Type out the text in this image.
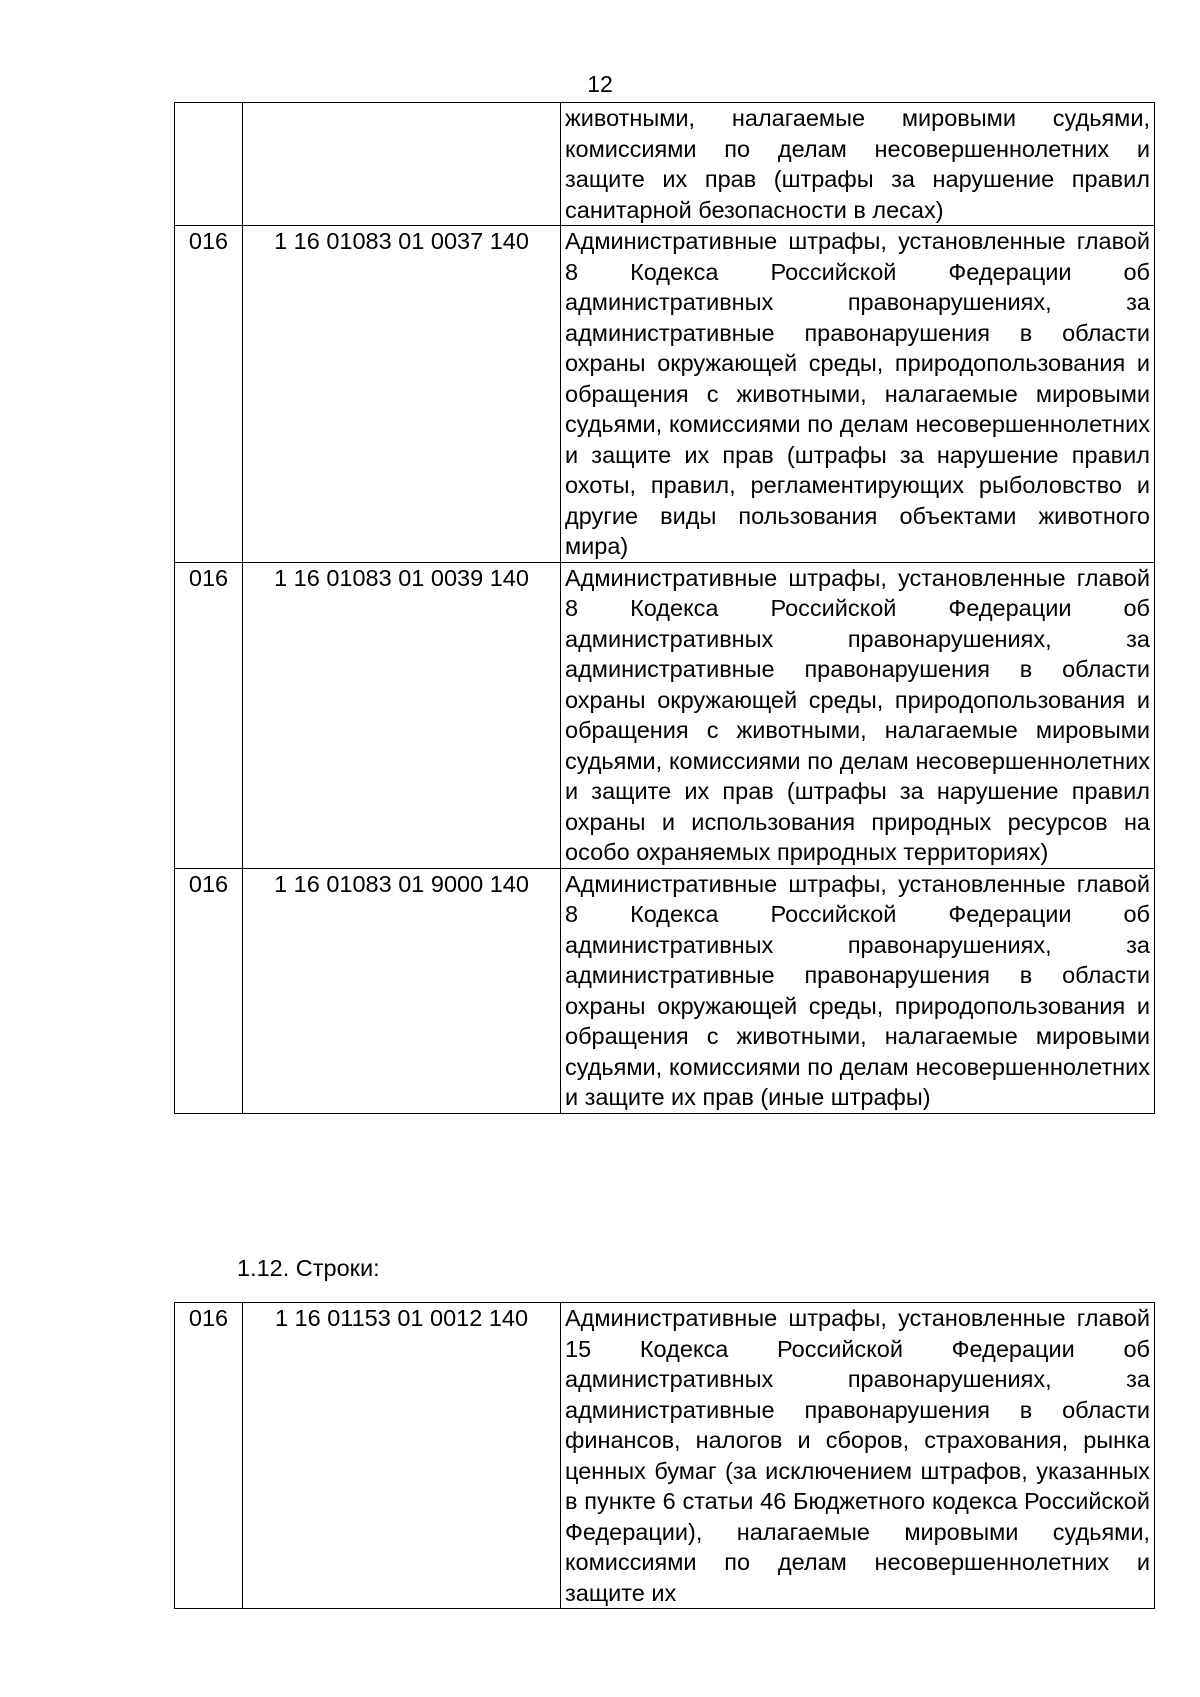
12
		животными, налагаемые мировыми судьями, комиссиями по делам несовершеннолетних и защите их прав (штрафы за нарушение правил санитарной безопасности в лесах)
016	1 16 01083 01 0037 140	Административные штрафы, установленные главой 8 Кодекса Российской Федерации об административных правонарушениях, за административные правонарушения в области охраны окружающей среды, природопользования и обращения с животными, налагаемые мировыми судьями, комиссиями по делам несовершеннолетних и защите их прав (штрафы за нарушение правил охоты, правил, регламентирующих рыболовство и другие виды пользования объектами животного мира)
016	1 16 01083 01 0039 140	Административные штрафы, установленные главой 8 Кодекса Российской Федерации об административных правонарушениях, за административные правонарушения в области охраны окружающей среды, природопользования и обращения с животными, налагаемые мировыми судьями, комиссиями по делам несовершеннолетних и защите их прав (штрафы за нарушение правил охраны и использования природных ресурсов на особо охраняемых природных территориях)
016	1 16 01083 01 9000 140	Административные штрафы, установленные главой 8 Кодекса Российской Федерации об административных правонарушениях, за административные правонарушения в области охраны окружающей среды, природопользования и обращения с животными, налагаемые мировыми судьями, комиссиями по делам несовершеннолетних и защите их прав (иные штрафы)
1.12. Строки:
016	1 16 01153 01 0012 140	Административные штрафы, установленные главой 15 Кодекса Российской Федерации об административных правонарушениях, за административные правонарушения в области финансов, налогов и сборов, страхования, рынка ценных бумаг (за исключением штрафов, указанных в пункте 6 статьи 46 Бюджетного кодекса Российской Федерации), налагаемые мировыми судьями, комиссиями по делам несовершеннолетних и защите их
